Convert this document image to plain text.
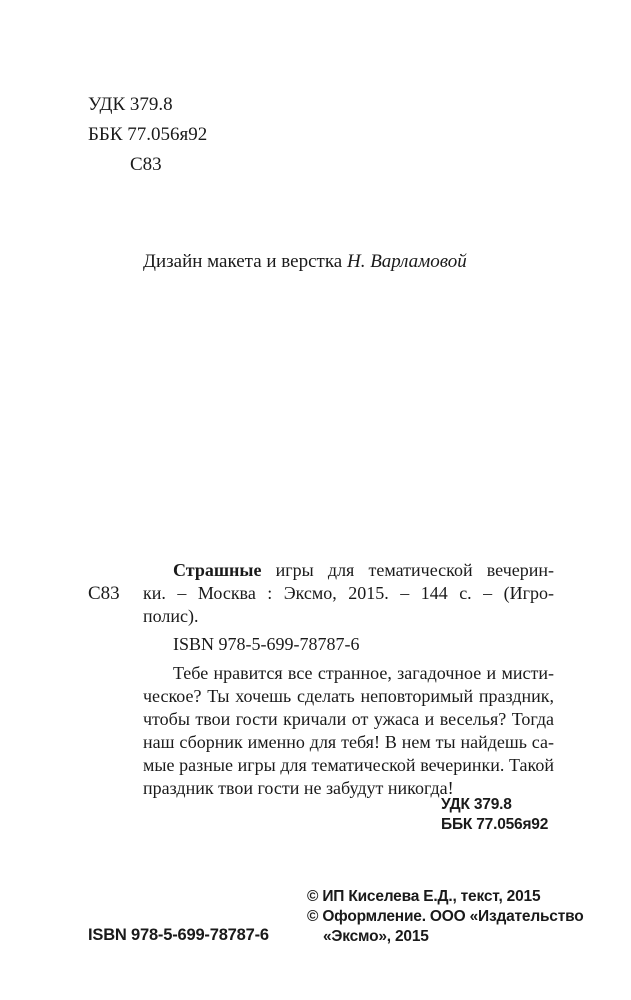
УДК 379.8
ББК 77.056я92
С83
Дизайн макета и верстка Н. Варламовой
С83
Страшные игры для тематической вечерин-
ки. – Москва : Эксмо, 2015. – 144 с. – (Игро-
полис).
ISBN 978-5-699-78787-6
Тебе нравится все странное, загадочное и мисти-
ческое? Ты хочешь сделать неповторимый праздник,
чтобы твои гости кричали от ужаса и веселья? Тогда
наш сборник именно для тебя! В нем ты найдешь са-
мые разные игры для тематической вечеринки. Такой
праздник твои гости не забудут никогда!
УДК 379.8
ББК 77.056я92
© ИП Киселева Е.Д., текст, 2015
© Оформление. ООО «Издательство
«Эксмо», 2015
ISBN 978-5-699-78787-6
